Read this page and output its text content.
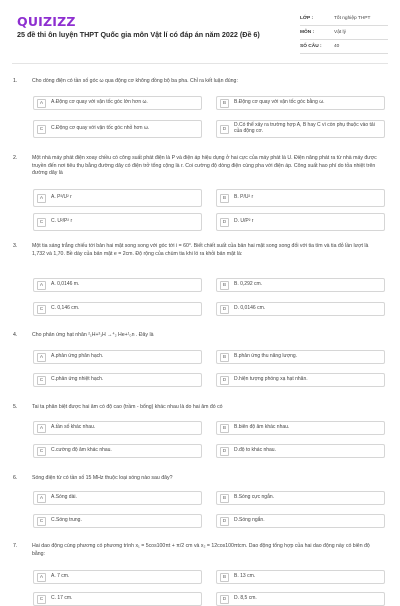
QUIZIZZ
25 đề thi ôn luyện THPT Quốc gia môn Vật lí có đáp án năm 2022 (Đề 6)
LỚP :	Tốt nghiệp THPT
MÔN :	Vật lý
SỐ CÂU :	40
1.	Cho dòng điện có tần số góc ω qua động cơ không đồng bộ ba pha. Chỉ ra kết luận đúng:
A	A.Động cơ quay với vận tốc góc lớn hơn ω.	B	B.Động cơ quay với vận tốc góc bằng ω.
C	C.Động cơ quay với vận tốc góc nhỏ hơn ω.	D
D.Có thể xảy ra trường hợp A, B hay C vì còn phụ thuộc vào tải của động cơ.
2.	Một nhà máy phát điện xoay chiều có công suất phát điện là P và điện áp hiệu dụng ở hai cực của máy phát là U. Điện năng phát ra từ nhà máy được truyền đến nơi tiêu thụ bằng đường dây có điện trở tổng cộng là r. Coi cường độ dòng điện cùng pha với điện áp. Công suất hao phí do tỏa nhiệt trên đường dây là
A	A. P²/U² r	B	B. P/U² r
C	C. U²/P² r	D	D. U/P² r
3.	Một tia sáng trắng chiếu tới bản hai mặt song song với góc tới i = 60°. Biết chiết suất của bản hai mặt song song đối với tia tím và tia đỏ lần lượt là 1,732 và 1,70. Bề dày của bản mặt e = 2cm. Độ rộng của chùm tia khi ló ra khỏi bản mặt là:
A	A. 0,0146 m.	B	B. 0,292 cm.
C	C. 0,146 cm.	D	D. 0,0146 cm.
4.	Cho phản ứng hạt nhân ²₁H+³₁H →⁴₂ He+¹₀n . Đây là
A	A.phản ứng phân hạch.	B	B.phản ứng thu năng lượng.
C	C.phản ứng nhiệt hạch.	D	D.hiện tượng phóng xạ hạt nhân.
5.	Tai ta phân biệt được hai âm có độ cao (trầm - bổng) khác nhau là do hai âm đó có
A	A.tần số khác nhau.	B	B.biên độ âm khác nhau.
C	C.cường độ âm khác nhau.	D	D.độ to khác nhau.
6.	Sóng điện từ có tần số 15 MHz thuộc loại sóng nào sau đây?
A	A.Sóng dài.	B	B.Sóng cực ngắn.
C	C.Sóng trung.	D	D.Sóng ngắn.
7.	Hai dao động cùng phương có phương trình x₁ = 5cos100πt + π/2 cm và x₂ = 12cos100πtcm. Dao động tổng hợp của hai dao động này có biên độ bằng:
A	A. 7 cm.	B	B. 13 cm.
C	C. 17 cm.	D	D. 8,5 cm.
